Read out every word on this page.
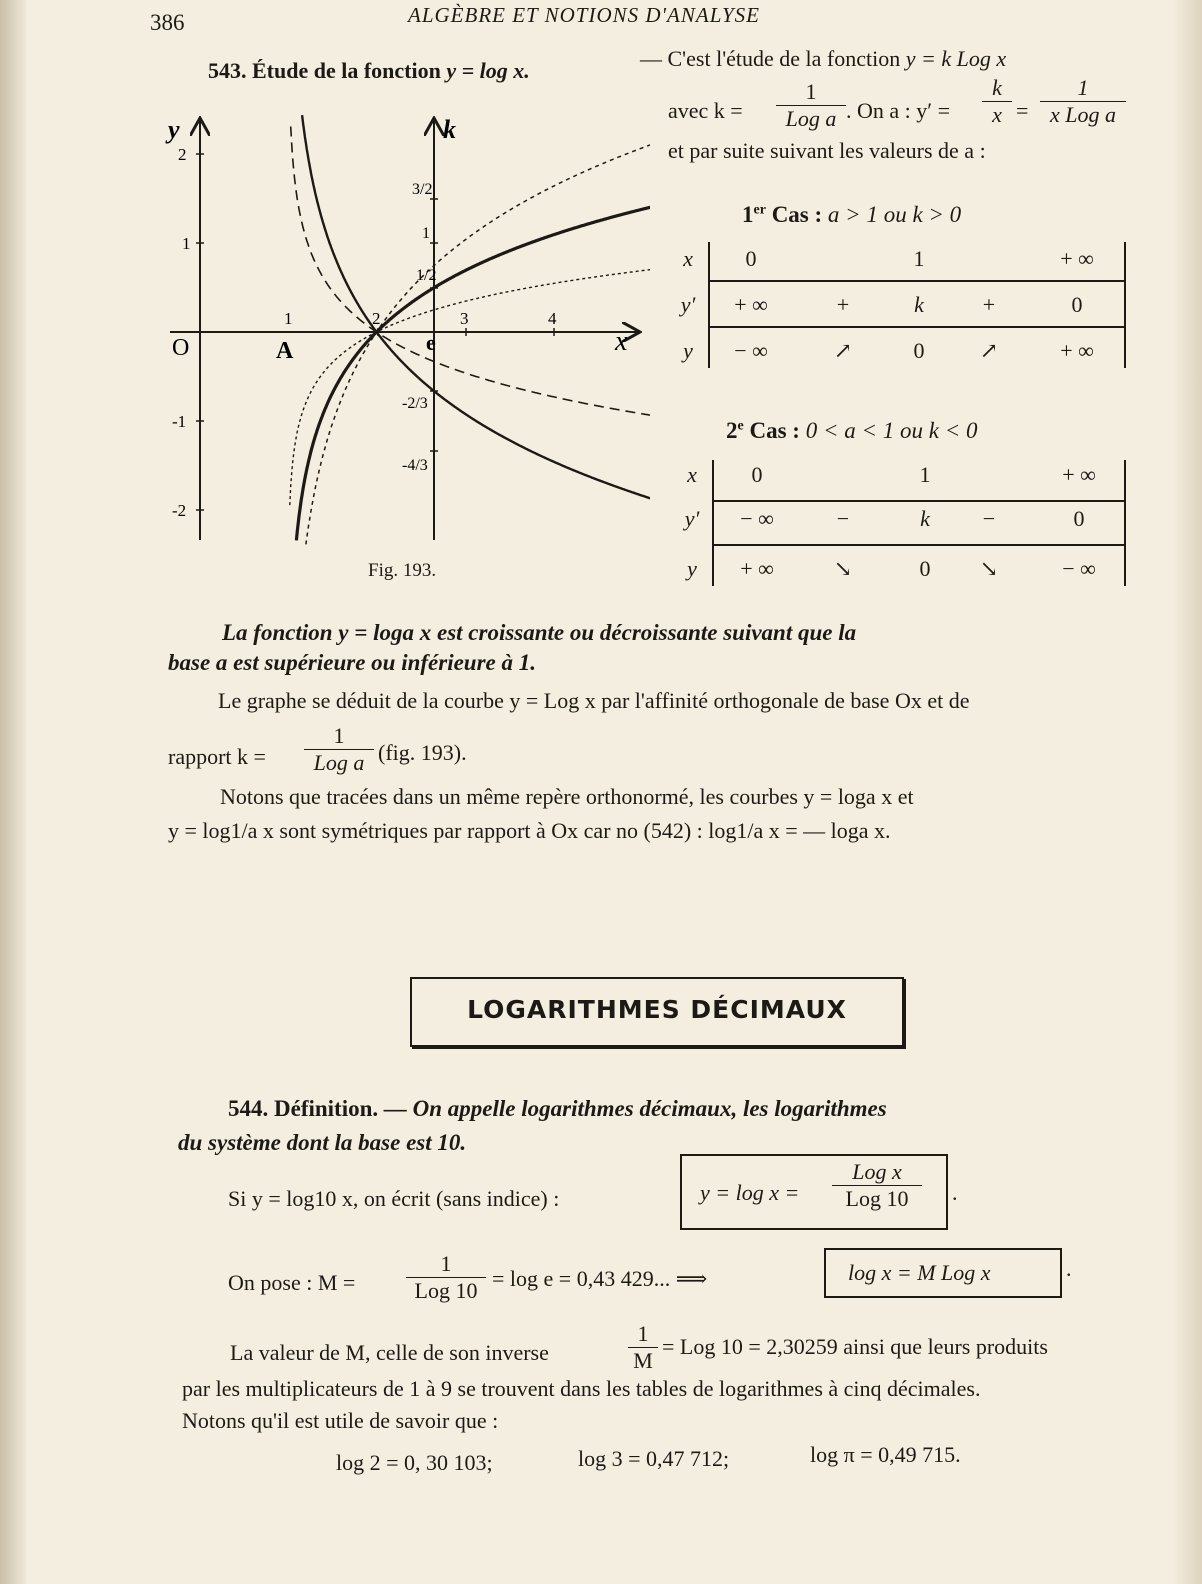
386	ALGÈBRE ET NOTIONS D'ANALYSE
543. Étude de la fonction y = log x.	— C'est l'étude de la fonction y = k Log x
avec k =
1
Log a . On a : y′ =
k
x =
1
x Log a
et par suite suivant les valeurs de a :
y	k
x
O	A	e
2
1
-1
-2
1	2	3	4
3/2
1
1/2
-2/3
-4/3
Fig. 193.
1er Cas : a > 1 ou k > 0
x	0	1	+ ∞
y′	+ ∞	+	k	+	0
y	− ∞	↗	0	↗	+ ∞
2e Cas : 0 < a < 1 ou k < 0
x	0	1	+ ∞
y′	− ∞	−	k	−	0
y	+ ∞	↘	0	↘	− ∞
La fonction y = loga x est croissante ou décroissante suivant que la
base a est supérieure ou inférieure à 1.
Le graphe se déduit de la courbe y = Log x par l'affinité orthogonale de base Ox et de
rapport k =
1
Log a (fig. 193).
Notons que tracées dans un même repère orthonormé, les courbes y = loga x et
y = log1/a x sont symétriques par rapport à Ox car no (542) : log1/a x = — loga x.
LOGARITHMES DÉCIMAUX
544. Définition. — On appelle logarithmes décimaux, les logarithmes
du système dont la base est 10.
Si y = log10 x, on écrit (sans indice) :	y = log x =
Log x
Log 10	.
On pose : M =
1
Log 10 = log e = 0,43 429... ⟹	log x = M Log x	.
La valeur de M, celle de son inverse
1
M
= Log 10 = 2,30259 ainsi que leurs produits
par les multiplicateurs de 1 à 9 se trouvent dans les tables de logarithmes à cinq décimales.
Notons qu'il est utile de savoir que :
log 2 = 0, 30 103;	log 3 = 0,47 712;	log π = 0,49 715.
